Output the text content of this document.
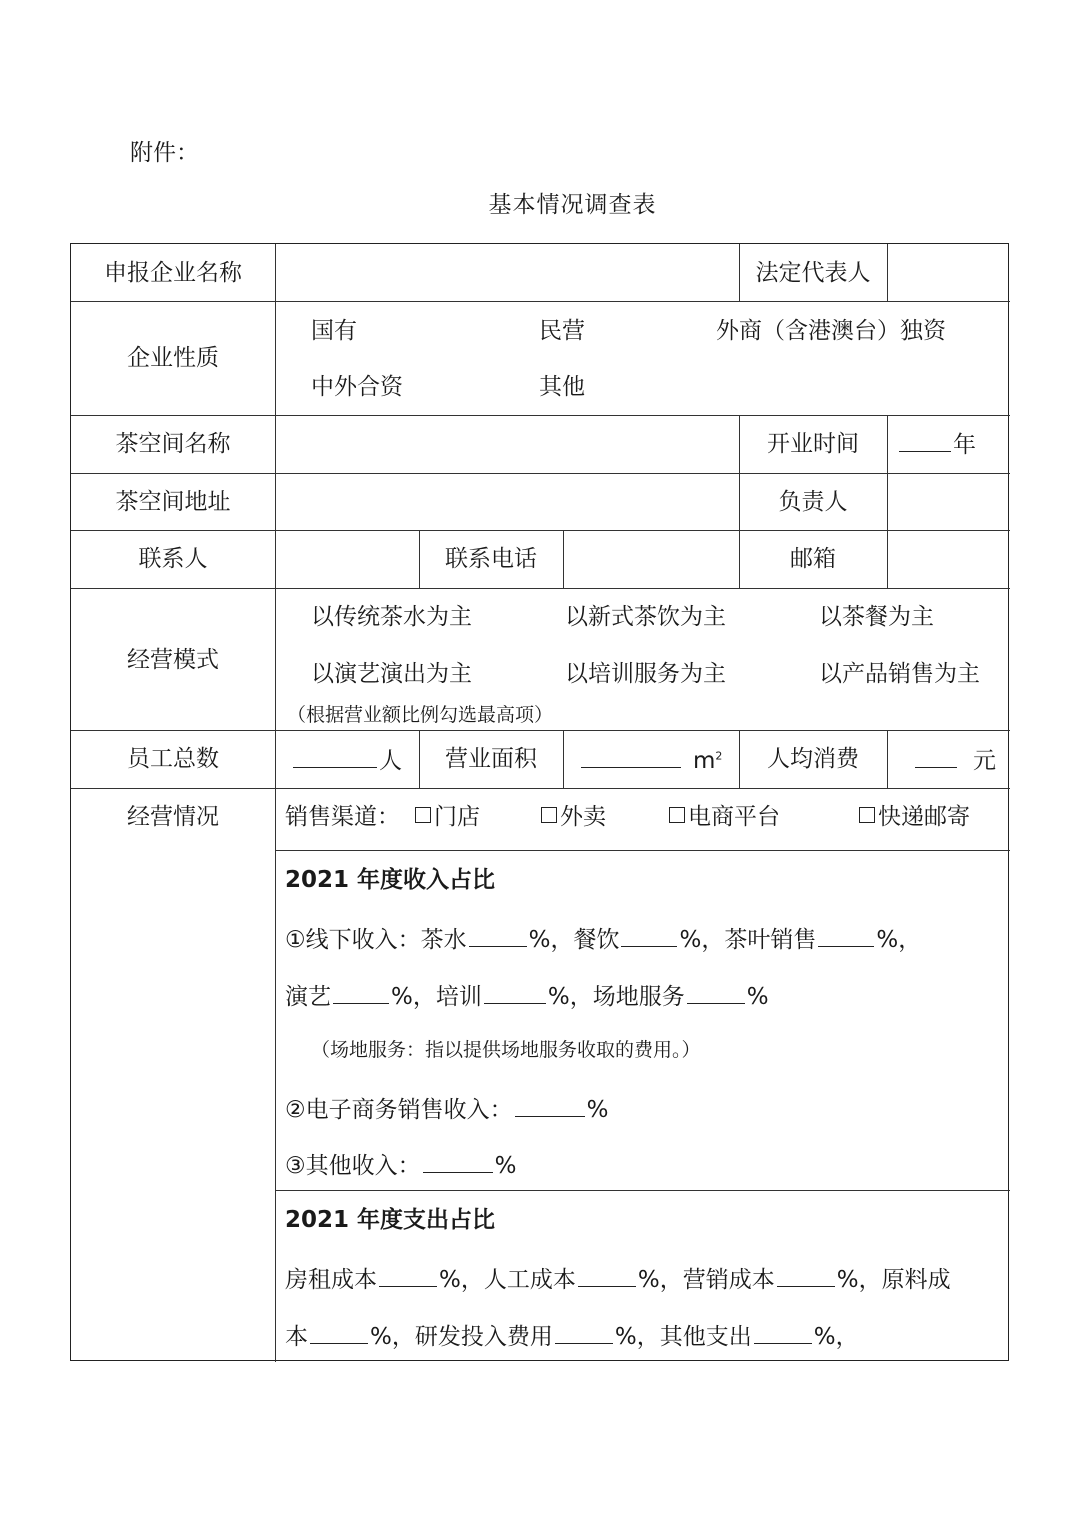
附件：
基本情况调查表
申报企业名称	法定代表人
企业性质
国有	民营	外商（含港澳台）独资
中外合资	其他
茶空间名称	开业时间	年
茶空间地址	负责人
联系人	联系电话	邮箱
经营模式
以传统茶水为主	以新式茶饮为主	以茶餐为主
以演艺演出为主	以培训服务为主	以产品销售为主
（根据营业额比例勾选最高项）
员工总数	人	营业面积	$m^2$	人均消费	元
经营情况	销售渠道：	门店	外卖	电商平台	快递邮寄
2021 年度收入占比
①线下收入：茶水	%，餐饮	%，茶叶销售	%，
演艺	%，培训	%，场地服务	%
（场地服务：指以提供场地服务收取的费用。）
②电子商务销售收入：	%
③其他收入：	%
2021 年度支出占比
房租成本	%，人工成本	%，营销成本	%，原料成
本	%，研发投入费用	%，其他支出	%，
